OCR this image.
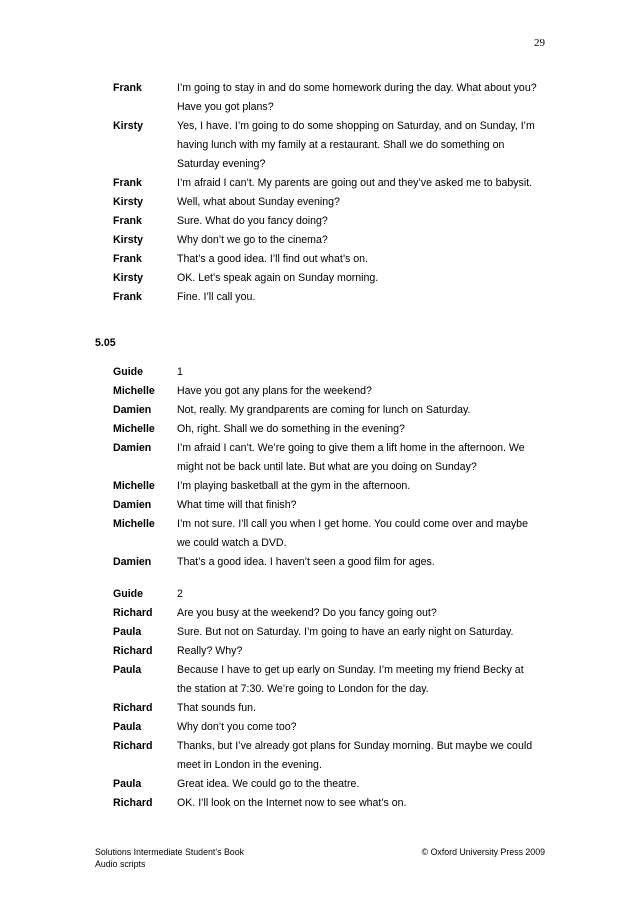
29
Frank	I’m going to stay in and do some homework during the day. What about you?
Have you got plans?
Kirsty	Yes, I have. I’m going to do some shopping on Saturday, and on Sunday, I’m
having lunch with my family at a restaurant. Shall we do something on
Saturday evening?
Frank	I’m afraid I can’t. My parents are going out and they’ve asked me to babysit.
Kirsty	Well, what about Sunday evening?
Frank	Sure. What do you fancy doing?
Kirsty	Why don’t we go to the cinema?
Frank	That’s a good idea. I’ll find out what’s on.
Kirsty	OK. Let’s speak again on Sunday morning.
Frank	Fine. I’ll call you.
5.05
Guide	1
Michelle Have you got any plans for the weekend?
Damien Not, really. My grandparents are coming for lunch on Saturday.
Michelle Oh, right. Shall we do something in the evening?
Damien I’m afraid I can’t. We’re going to give them a lift home in the afternoon. We
might not be back until late. But what are you doing on Sunday?
Michelle I’m playing basketball at the gym in the afternoon.
Damien What time will that finish?
Michelle I’m not sure. I’ll call you when I get home. You could come over and maybe
we could watch a DVD.
Damien That’s a good idea. I haven’t seen a good film for ages.
Guide	2
Richard Are you busy at the weekend? Do you fancy going out?
Paula	Sure. But not on Saturday. I’m going to have an early night on Saturday.
Richard Really? Why?
Paula	Because I have to get up early on Sunday. I’m meeting my friend Becky at
the station at 7:30. We’re going to London for the day.
Richard That sounds fun.
Paula	Why don’t you come too?
Richard Thanks, but I’ve already got plans for Sunday morning. But maybe we could
meet in London in the evening.
Paula	Great idea. We could go to the theatre.
Richard OK. I’ll look on the Internet now to see what’s on.
Solutions Intermediate Student’s Book
Audio scripts
© Oxford University Press 2009
